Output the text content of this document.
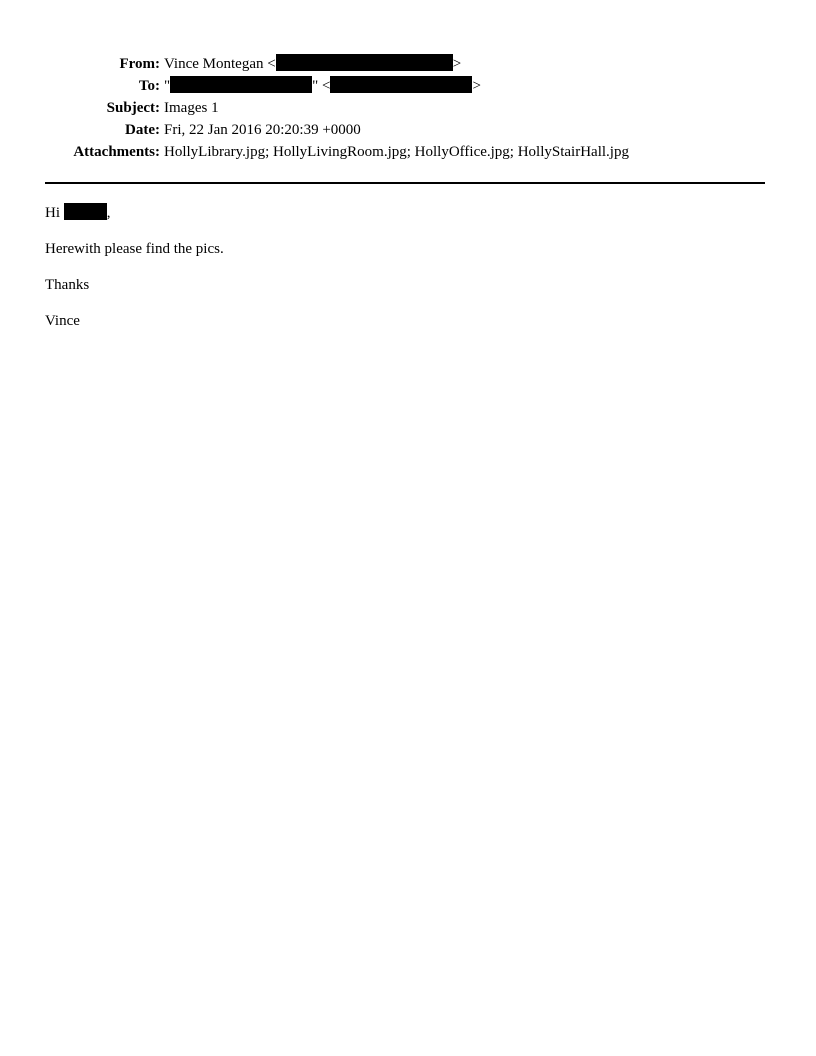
From: Vince Montegan <	>
To: "	" <	>
Subject: Images 1
Date: Fri, 22 Jan 2016 20:20:39 +0000
Attachments: HollyLibrary.jpg; HollyLivingRoom.jpg; HollyOffice.jpg; HollyStairHall.jpg

Hi	,

Herewith please find the pics.

Thanks

Vince
